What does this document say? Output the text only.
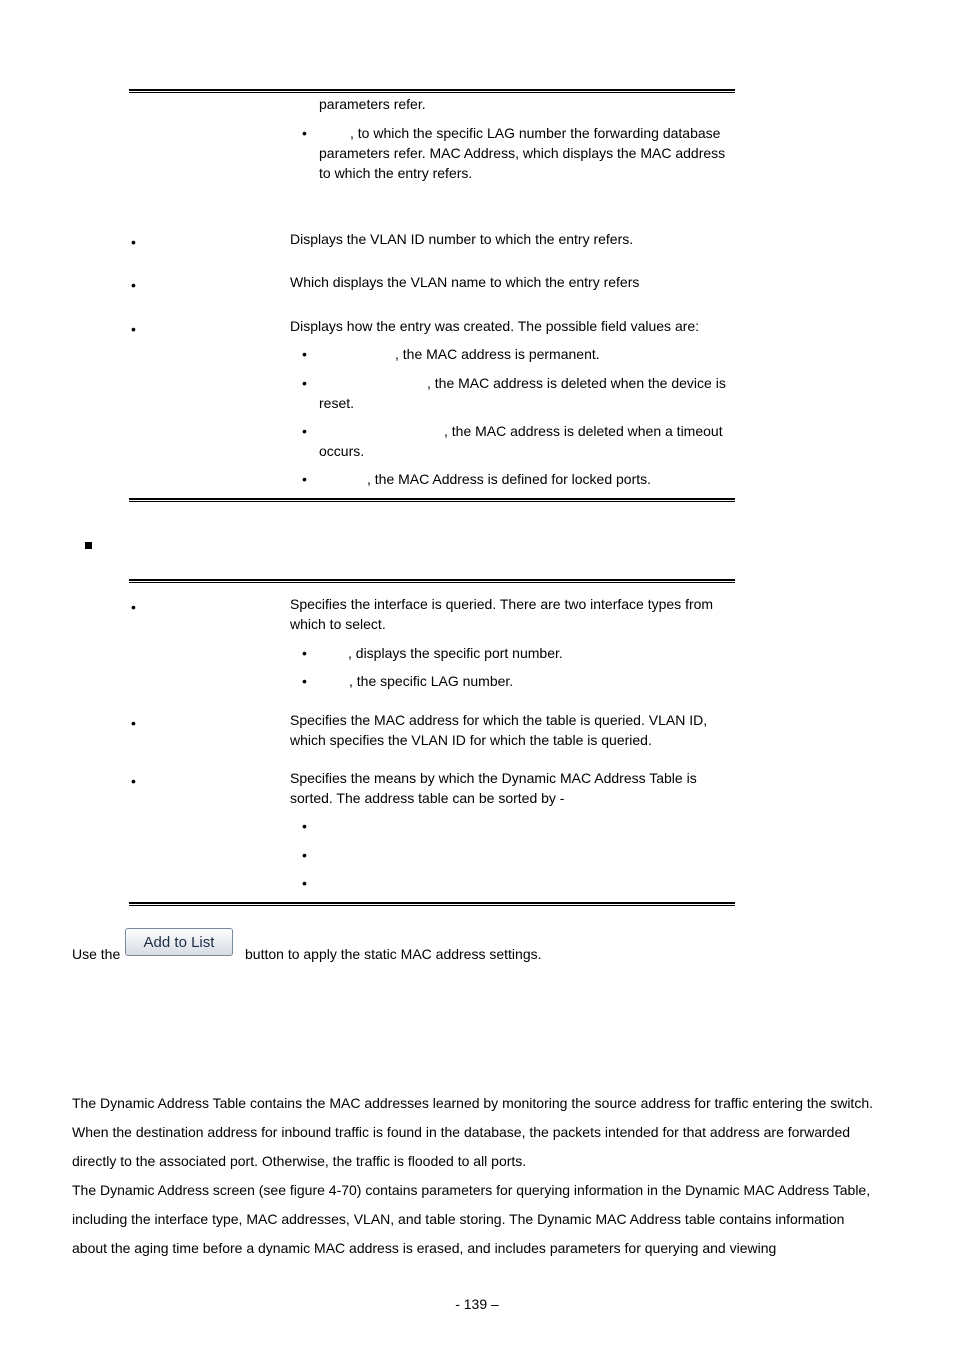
parameters refer.
•	, to which the specific LAG number the forwarding database parameters refer. MAC Address, which displays the MAC address to which the entry refers.
•	Displays the VLAN ID number to which the entry refers.
•	Which displays the VLAN name to which the entry refers
•	Displays how the entry was created. The possible field values are:
•	, the MAC address is permanent.
•	, the MAC address is deleted when the device is reset.
•	, the MAC address is deleted when a timeout occurs.
•	, the MAC Address is defined for locked ports.
•	Specifies the interface is queried. There are two interface types from which to select.
•	, displays the specific port number.
•	, the specific LAG number.
•	Specifies the MAC address for which the table is queried. VLAN ID, which specifies the VLAN ID for which the table is queried.
•	Specifies the means by which the Dynamic MAC Address Table is sorted. The address table can be sorted by -
•
•
•
Use the
Add to List
button to apply the static MAC address settings.
The Dynamic Address Table contains the MAC addresses learned by monitoring the source address for traffic entering the switch. When the destination address for inbound traffic is found in the database, the packets intended for that address are forwarded directly to the associated port. Otherwise, the traffic is flooded to all ports.
The Dynamic Address screen (see figure 4-70) contains parameters for querying information in the Dynamic MAC Address Table, including the interface type, MAC addresses, VLAN, and table storing. The Dynamic MAC Address table contains information about the aging time before a dynamic MAC address is erased, and includes parameters for querying and viewing
- 139 –
